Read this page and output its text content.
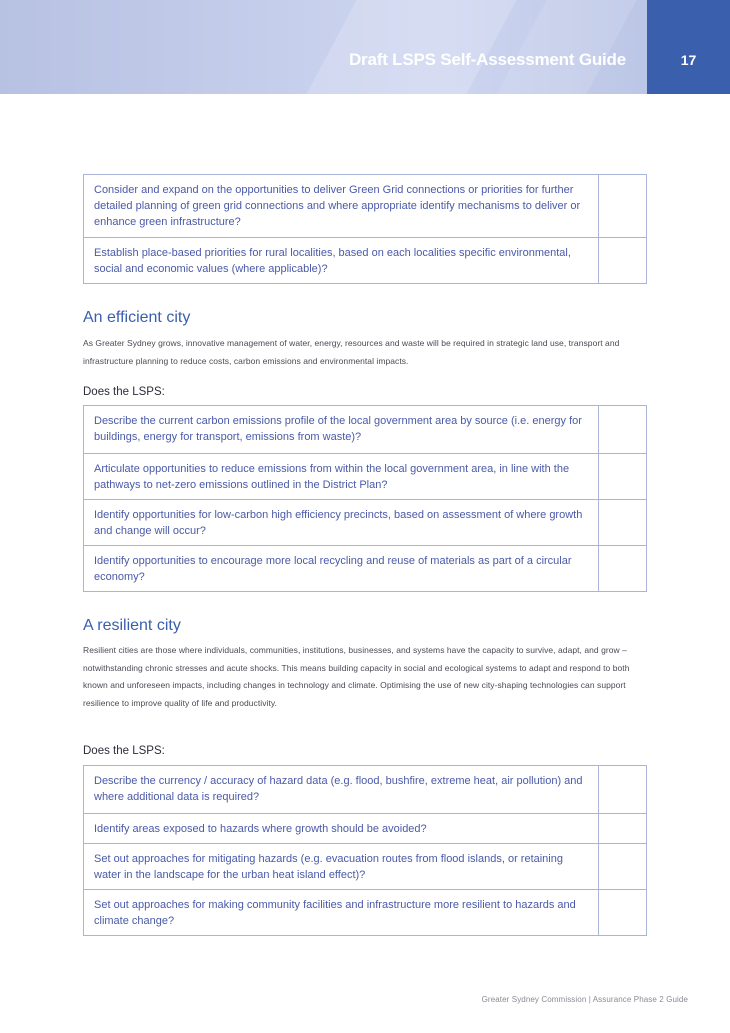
Draft LSPS Self-Assessment Guide	17
Consider and expand on the opportunities to deliver Green Grid connections or priorities for further detailed planning of green grid connections and where appropriate identify mechanisms to deliver or enhance green infrastructure?
Establish place-based priorities for rural localities, based on each localities specific environmental, social and economic values (where applicable)?
An efficient city
As Greater Sydney grows, innovative management of water, energy, resources and waste will be required in strategic land use, transport and infrastructure planning to reduce costs, carbon emissions and environmental impacts.
Does the LSPS:
Describe the current carbon emissions profile of the local government area by source (i.e. energy for buildings, energy for transport, emissions from waste)?
Articulate opportunities to reduce emissions from within the local government area, in line with the pathways to net-zero emissions outlined in the District Plan?
Identify opportunities for low-carbon high efficiency precincts, based on assessment of where growth and change will occur?
Identify opportunities to encourage more local recycling and reuse of materials as part of a circular economy?
A resilient city
Resilient cities are those where individuals, communities, institutions, businesses, and systems have the capacity to survive, adapt, and grow – notwithstanding chronic stresses and acute shocks. This means building capacity in social and ecological systems to adapt and respond to both known and unforeseen impacts, including changes in technology and climate. Optimising the use of new city-shaping technologies can support resilience to improve quality of life and productivity.
Does the LSPS:
Describe the currency / accuracy of hazard data (e.g. flood, bushfire, extreme heat, air pollution) and where additional data is required?
Identify areas exposed to hazards where growth should be avoided?
Set out approaches for mitigating hazards (e.g. evacuation routes from flood islands, or retaining water in the landscape for the urban heat island effect)?
Set out approaches for making community facilities and infrastructure more resilient to hazards and climate change?
Greater Sydney Commission | Assurance Phase 2 Guide
